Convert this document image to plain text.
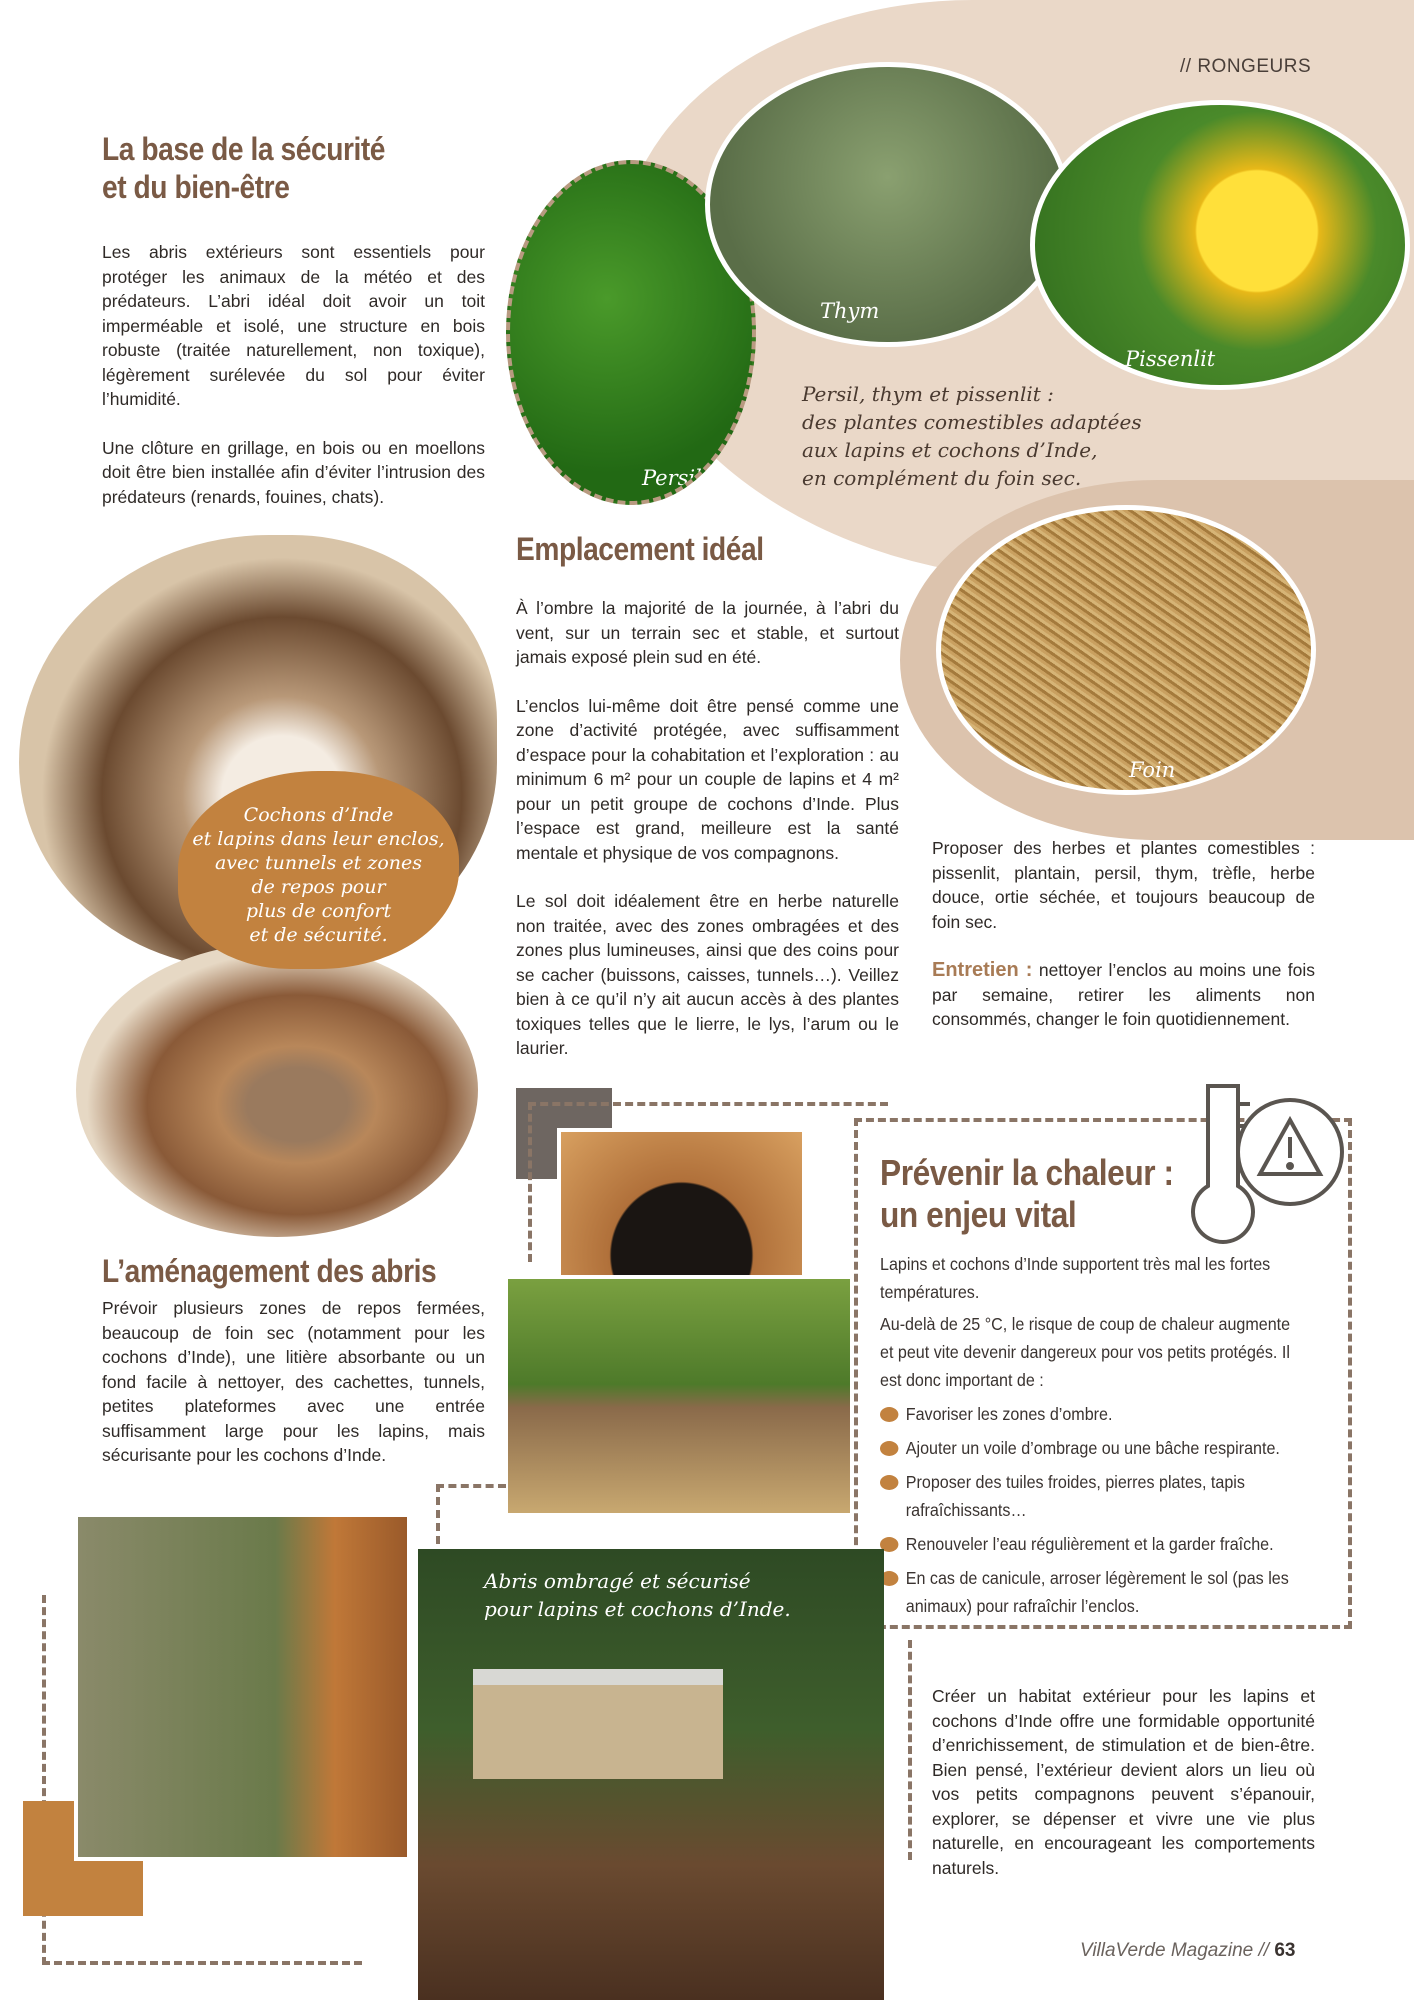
// RONGEURS
La base de la sécurité
et du bien-être

Les abris extérieurs sont essentiels pour protéger les animaux de la météo et des prédateurs. L’abri idéal doit avoir un toit imperméable et isolé, une structure en bois robuste (traitée naturellement, non toxique), légèrement surélevée du sol pour éviter l’humidité.

Une clôture en grillage, en bois ou en moellons doit être bien installée afin d’éviter l’intrusion des prédateurs (renards, fouines, chats).

Persil
Thym
Pissenlit
Foin
Persil, thym et pissenlit :
des plantes comestibles adaptées
aux lapins et cochons d’Inde,
en complément du foin sec.
Emplacement idéal

À l’ombre la majorité de la journée, à l’abri du vent, sur un terrain sec et stable, et surtout jamais exposé plein sud en été.

L’enclos lui-même doit être pensé comme une zone d’activité protégée, avec suffisamment d’espace pour la cohabitation et l’exploration : au minimum 6 m² pour un couple de lapins et 4 m² pour un petit groupe de cochons d’Inde. Plus l’espace est grand, meilleure est la santé mentale et physique de vos compagnons.

Le sol doit idéalement être en herbe naturelle non traitée, avec des zones ombragées et des zones plus lumineuses, ainsi que des coins pour se cacher (buissons, caisses, tunnels…). Veillez bien à ce qu’il n’y ait aucun accès à des plantes toxiques telles que le lierre, le lys, l’arum ou le laurier.

Proposer des herbes et plantes comestibles : pissenlit, plantain, persil, thym, trèfle, herbe douce, ortie séchée, et toujours beaucoup de foin sec.

Entretien : nettoyer l’enclos au moins une fois par semaine, retirer les aliments non consommés, changer le foin quotidiennement.

Cochons d’Inde
et lapins dans leur enclos,
avec tunnels et zones
de repos pour
plus de confort
et de sécurité.
L’aménagement des abris

Prévoir plusieurs zones de repos fermées, beaucoup de foin sec (notamment pour les cochons d’Inde), une litière absorbante ou un fond facile à nettoyer, des cachettes, tunnels, petites plateformes avec une entrée suffisamment large pour les lapins, mais sécurisante pour les cochons d’Inde.

Prévenir la chaleur :
un enjeu vital

Lapins et cochons d’Inde supportent très mal les fortes températures.

Au-delà de 25 °C, le risque de coup de chaleur augmente et peut vite devenir dangereux pour vos petits protégés. Il est donc important de :

Favoriser les zones d’ombre.
Ajouter un voile d’ombrage ou une bâche respirante.
Proposer des tuiles froides, pierres plates, tapis rafraîchissants…
Renouveler l’eau régulièrement et la garder fraîche.
En cas de canicule, arroser légèrement le sol (pas les animaux) pour rafraîchir l’enclos.
Abris ombragé et sécurisé
pour lapins et cochons d’Inde.

Créer un habitat extérieur pour les lapins et cochons d’Inde offre une formidable opportunité d’enrichissement, de stimulation et de bien-être. Bien pensé, l’extérieur devient alors un lieu où vos petits compagnons peuvent s’épanouir, explorer, se dépenser et vivre une vie plus naturelle, en encourageant les comportements naturels.

VillaVerde Magazine // 63
